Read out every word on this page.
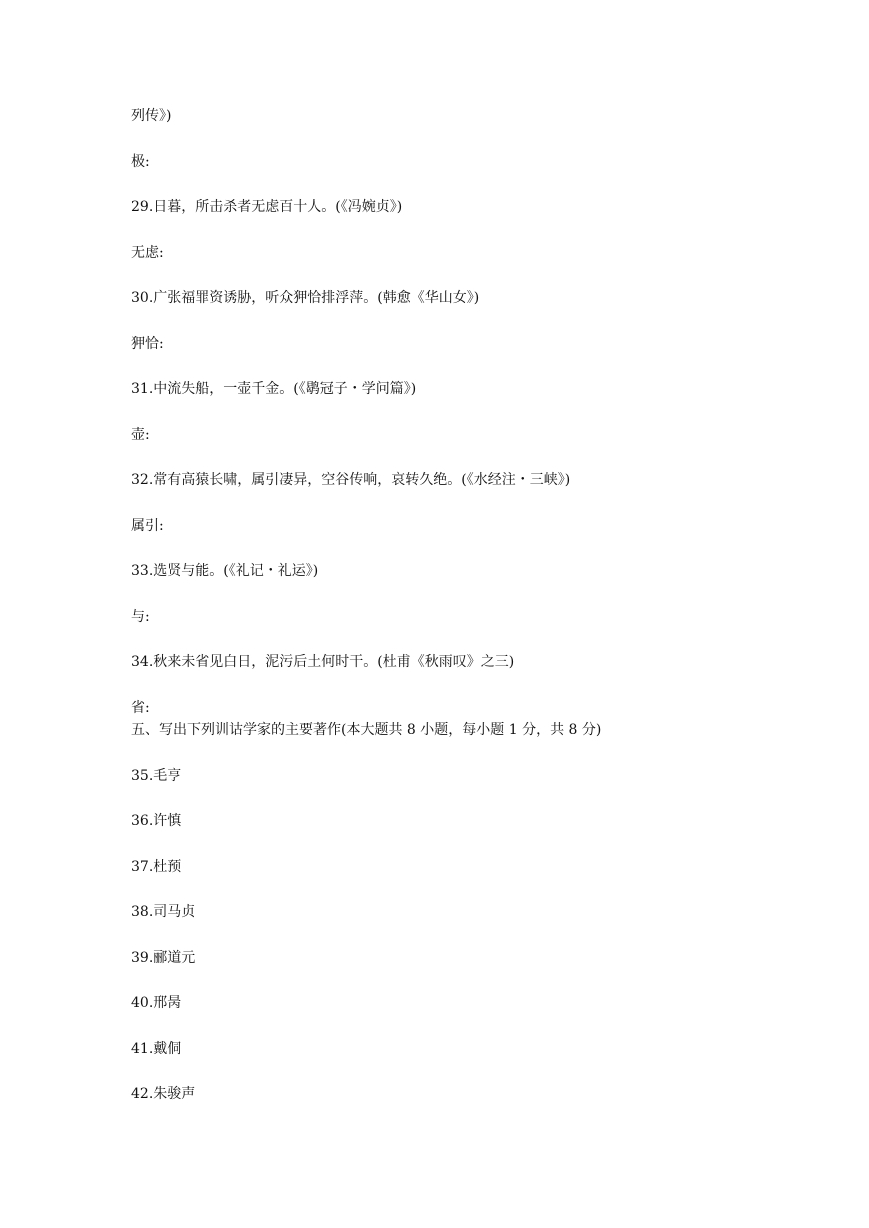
列传》)
极:
29.日暮，所击杀者无虑百十人。(《冯婉贞》)
无虑:
30.广张福罪资诱胁，听众狎恰排浮萍。(韩愈《华山女》)
狎恰:
31.中流失船，一壶千金。(《鹖冠子・学问篇》)
壶:
32.常有高猿长啸，属引凄异，空谷传响，哀转久绝。(《水经注・三峡》)
属引:
33.选贤与能。(《礼记・礼运》)
与:
34.秋来未省见白日，泥污后土何时干。(杜甫《秋雨叹》之三)
省:
五、写出下列训诂学家的主要著作(本大题共 8 小题，每小题 1 分，共 8 分)
35.毛亨
36.许慎
37.杜预
38.司马贞
39.郦道元
40.邢昺
41.戴侗
42.朱骏声
